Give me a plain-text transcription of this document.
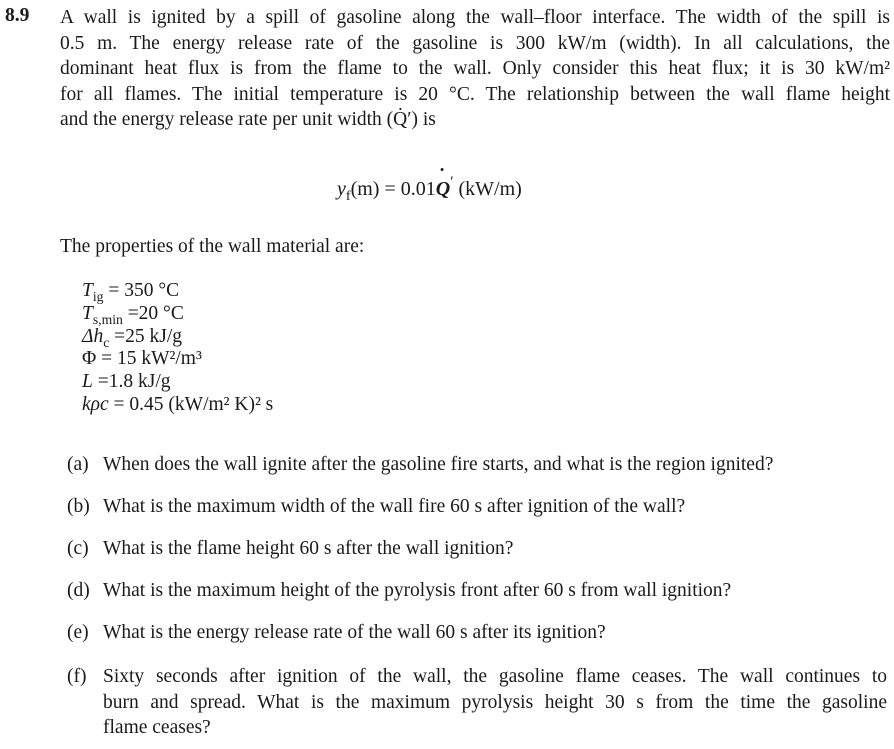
8.9 A wall is ignited by a spill of gasoline along the wall–floor interface. The width of the spill is
0.5 m. The energy release rate of the gasoline is 300 kW/m (width). In all calculations, the
dominant heat flux is from the flame to the wall. Only consider this heat flux; it is 30 kW/m²
for all flames. The initial temperature is 20 °C. The relationship between the wall flame height
and the energy release rate per unit width (Q̇′) is
$y_f(m)$ = 0.01˙ Q′ (kW/m)
The properties of the wall material are:
$T_{ig} = 350$ °C
$T_{s,min} =20$ °C
$\Delta h_c =25$ kJ/g
Φ = 15 kW²/m³
L =1.8 kJ/g
kρc = 0.45 (kW/m² K)² s
(a) When does the wall ignite after the gasoline fire starts, and what is the region ignited?
(b) What is the maximum width of the wall fire 60 s after ignition of the wall?
(c) What is the flame height 60 s after the wall ignition?
(d) What is the maximum height of the pyrolysis front after 60 s from wall ignition?
(e) What is the energy release rate of the wall 60 s after its ignition?
(f) Sixty seconds after ignition of the wall, the gasoline flame ceases. The wall continues to
burn and spread. What is the maximum pyrolysis height 30 s from the time the gasoline
flame ceases?
